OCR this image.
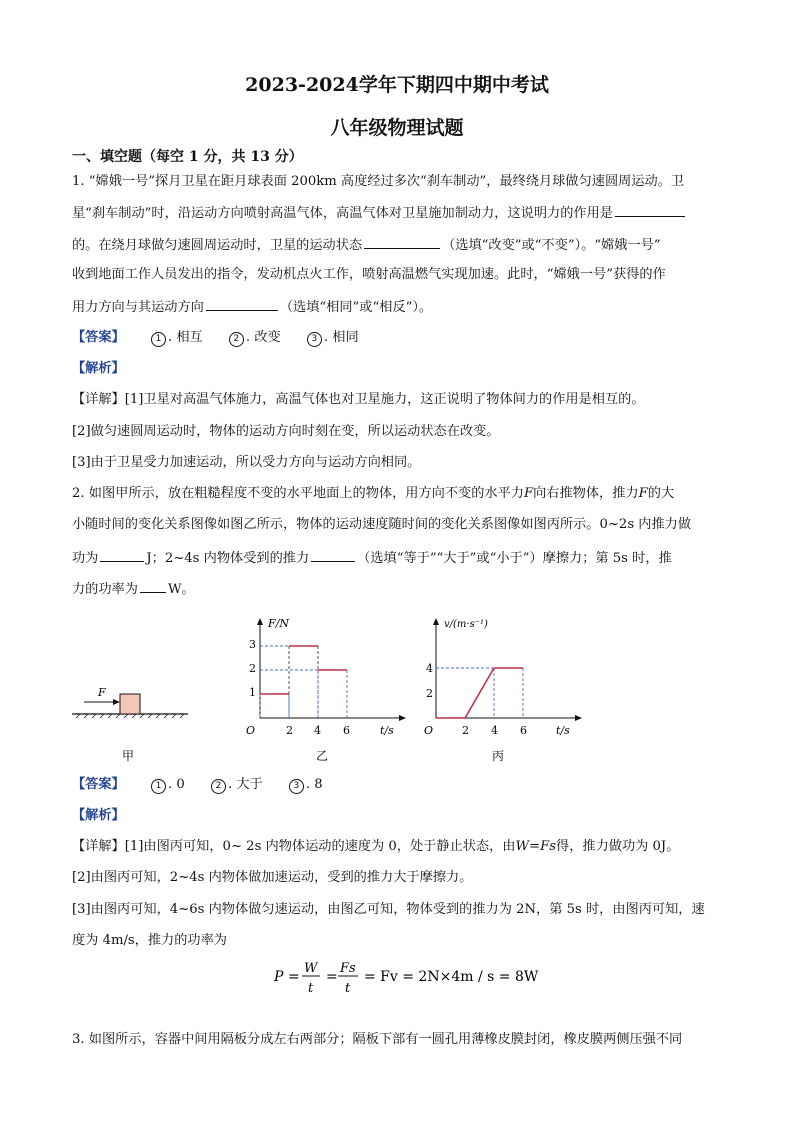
2023-2024学年下期四中期中考试
八年级物理试题
一、填空题（每空 1 分，共 13 分）
1. “嫦娥一号”探月卫星在距月球表面 200km 高度经过多次“刹车制动”，最终绕月球做匀速圆周运动。卫
星“刹车制动”时，沿运动方向喷射高温气体，高温气体对卫星施加制动力，这说明力的作用是
的。在绕月球做匀速圆周运动时，卫星的运动状态	（选填“改变”或“不变”）。“嫦娥一号”
收到地面工作人员发出的指令，发动机点火工作，喷射高温燃气实现加速。此时，“嫦娥一号”获得的作
用力方向与其运动方向	（选填“相同”或“相反”）。
【答案】	1 . 相互	2 . 改变	3 . 相同
【解析】
【详解】[1]卫星对高温气体施力，高温气体也对卫星施力，这正说明了物体间力的作用是相互的。
[2]做匀速圆周运动时，物体的运动方向时刻在变，所以运动状态在改变。
[3]由于卫星受力加速运动，所以受力方向与运动方向相同。
2. 如图甲所示，放在粗糙程度不变的水平地面上的物体，用方向不变的水平力F向右推物体，推力F的大
小随时间的变化关系图像如图乙所示，物体的运动速度随时间的变化关系图像如图丙所示。0~2s 内推力做
功为	J；2~4s 内物体受到的推力	（选填“等于”“大于”或“小于”）摩擦力；第 5s 时，推
力的功率为 W。
F
甲
F/N
t/s
O
1
2
3
2 4 6
乙
v/(m·s⁻¹)
t/s
O
2
4
2 4 6
丙
【答案】	1 . 0	2 . 大于	3 . 8
【解析】
【详解】[1]由图丙可知，0~ 2s 内物体运动的速度为 0，处于静止状态，由W=Fs得，推力做功为 0J。
[2]由图丙可知，2~4s 内物体做加速运动，受到的推力大于摩擦力。
[3]由图丙可知，4~6s 内物体做匀速运动，由图乙可知，物体受到的推力为 2N，第 5s 时，由图丙可知，速
度为 4m/s，推力的功率为
P =
W
t
=
Fs
t
= Fv = 2N×4m / s = 8W
3. 如图所示，容器中间用隔板分成左右两部分；隔板下部有一圆孔用薄橡皮膜封闭，橡皮膜两侧压强不同
